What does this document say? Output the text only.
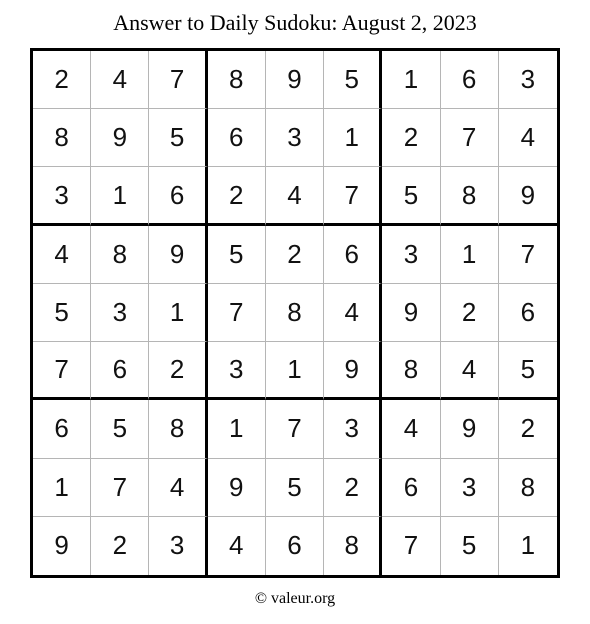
Answer to Daily Sudoku: August 2, 2023
2	4	7	8	9	5	1	6	3
8	9	5	6	3	1	2	7	4
3	1	6	2	4	7	5	8	9
4	8	9	5	2	6	3	1	7
5	3	1	7	8	4	9	2	6
7	6	2	3	1	9	8	4	5
6	5	8	1	7	3	4	9	2
1	7	4	9	5	2	6	3	8
9	2	3	4	6	8	7	5	1
© valeur.org
